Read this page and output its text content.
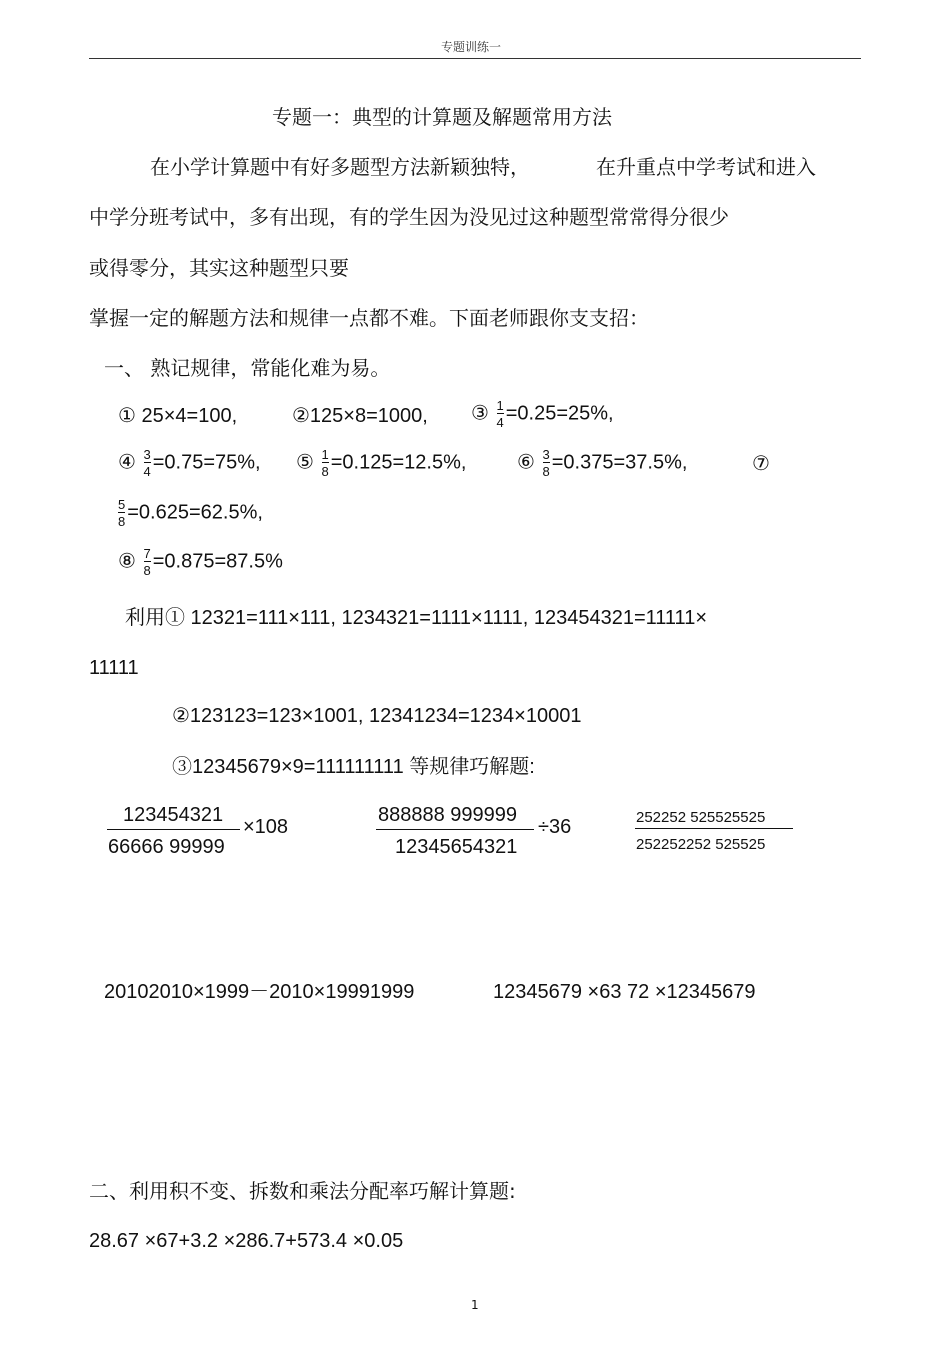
专题训练一
专题一：典型的计算题及解题常用方法
在小学计算题中有好多题型方法新颖独特，	在升重点中学考试和进入
中学分班考试中，多有出现，有的学生因为没见过这种题型常常得分很少
或得零分，其实这种题型只要
掌握一定的解题方法和规律一点都不难。下面老师跟你支支招：
一、 熟记规律，常能化难为易。
① 25×4=100,	②125×8=1000, ③ $\frac{1}{4} =0.25=25\%$,
④ $\frac{3}{4} =0.75=75\%$, ⑤ $\frac{1}{8} =0.125=12.5\%$,	⑥ $\frac{3}{8} =0.375=37.5\%$,	⑦
$\frac{5}{8} =0.625=62.5\%$,
⑧ $\frac{7}{8} =0.875=87.5\%$
利用① 12321=111×111, 1234321=1111×1111, 123454321=11111×
11111
②123123=123×1001, 12341234=1234×10001
③12345679×9=111111111 等规律巧解题:
123454321
66666 99999
×108
888888 999999
12345654321
÷36	252252 525525525
252252252 525525
20102010×1999－2010×19991999	12345679 ×63 72 ×12345679
二、利用积不变、拆数和乘法分配率巧解计算题:
28.67 ×67+3.2 ×286.7+573.4 ×0.05
1
